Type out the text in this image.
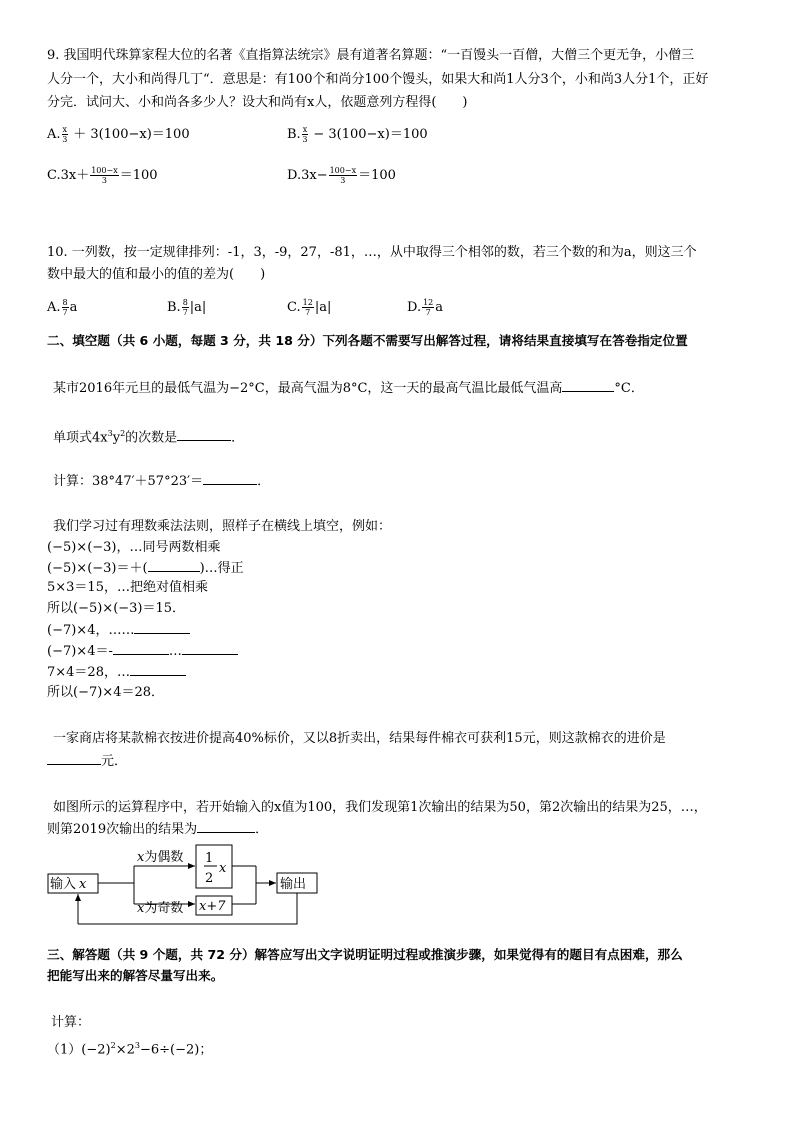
9. 我国明代珠算家程大位的名著《直指算法统宗》晨有道著名算题：“一百馒头一百僧，大僧三个更无争，小僧三
人分一个，大小和尚得几丁“．意思是：有100个和尚分100个馒头，如果大和尚1人分3个，小和尚3人分1个，正好
分完．试问大、小和尚各多少人？设大和尚有x人，依题意列方程得(　　)
A. $\frac{x}{3} + 3(100-x)=100$	B. $\frac{x}{3} - 3(100-x)=100$
$C.3x+ \frac{100-x}{3} =100$	$D.3x- \frac{100-x}{3} =100$
10. 一列数，按一定规律排列：-1，3，-9，27，-81，…，从中取得三个相邻的数，若三个数的和为a，则这三个
数中最大的值和最小的值的差为(　　)
A. $\frac{8}{7}$ a	B. $\frac{8}{7} |a|$	C. $\frac{12}{7} |a|$	D. $\frac{12}{7}$ a
二、填空题（共 6 小题，每题 3 分，共 18 分）下列各题不需要写出解答过程，请将结果直接填写在答卷指定位置
某市2016年元旦的最低气温为−2°C，最高气温为8°C，这一天的最高气温比最低气温高	°C．
单项式$4x^3y^2$的次数是	．
计算：38°47′＋57°23′＝	．
我们学习过有理数乘法法则，照样子在横线上填空，例如：
(−5)×(−3)，…同号两数相乘
(−5)×(−3)＝＋(	)…得正
5×3＝15，…把绝对值相乘
所以(−5)×(−3)＝15．
(−7)×4，……
(−7)×4＝-	…
7×4＝28，…
所以(−7)×4＝28．
一家商店将某款棉衣按进价提高40%标价，又以8折卖出，结果每件棉衣可获利15元，则这款棉衣的进价是
元．
如图所示的运算程序中，若开始输入的x值为100，我们发现第1次输出的结果为50，第2次输出的结果为25，…，
则第2019次输出的结果为	．
输入 x
x为偶数
x为奇数
1
2
x
x+7
输出
三、解答题（共 9 个题，共 72 分）解答应写出文字说明证明过程或推演步骤，如果觉得有的题目有点困难，那么
把能写出来的解答尽量写出来。
计算：
$(1)(-2)^2\times 2^3-6\div(-2)$；
